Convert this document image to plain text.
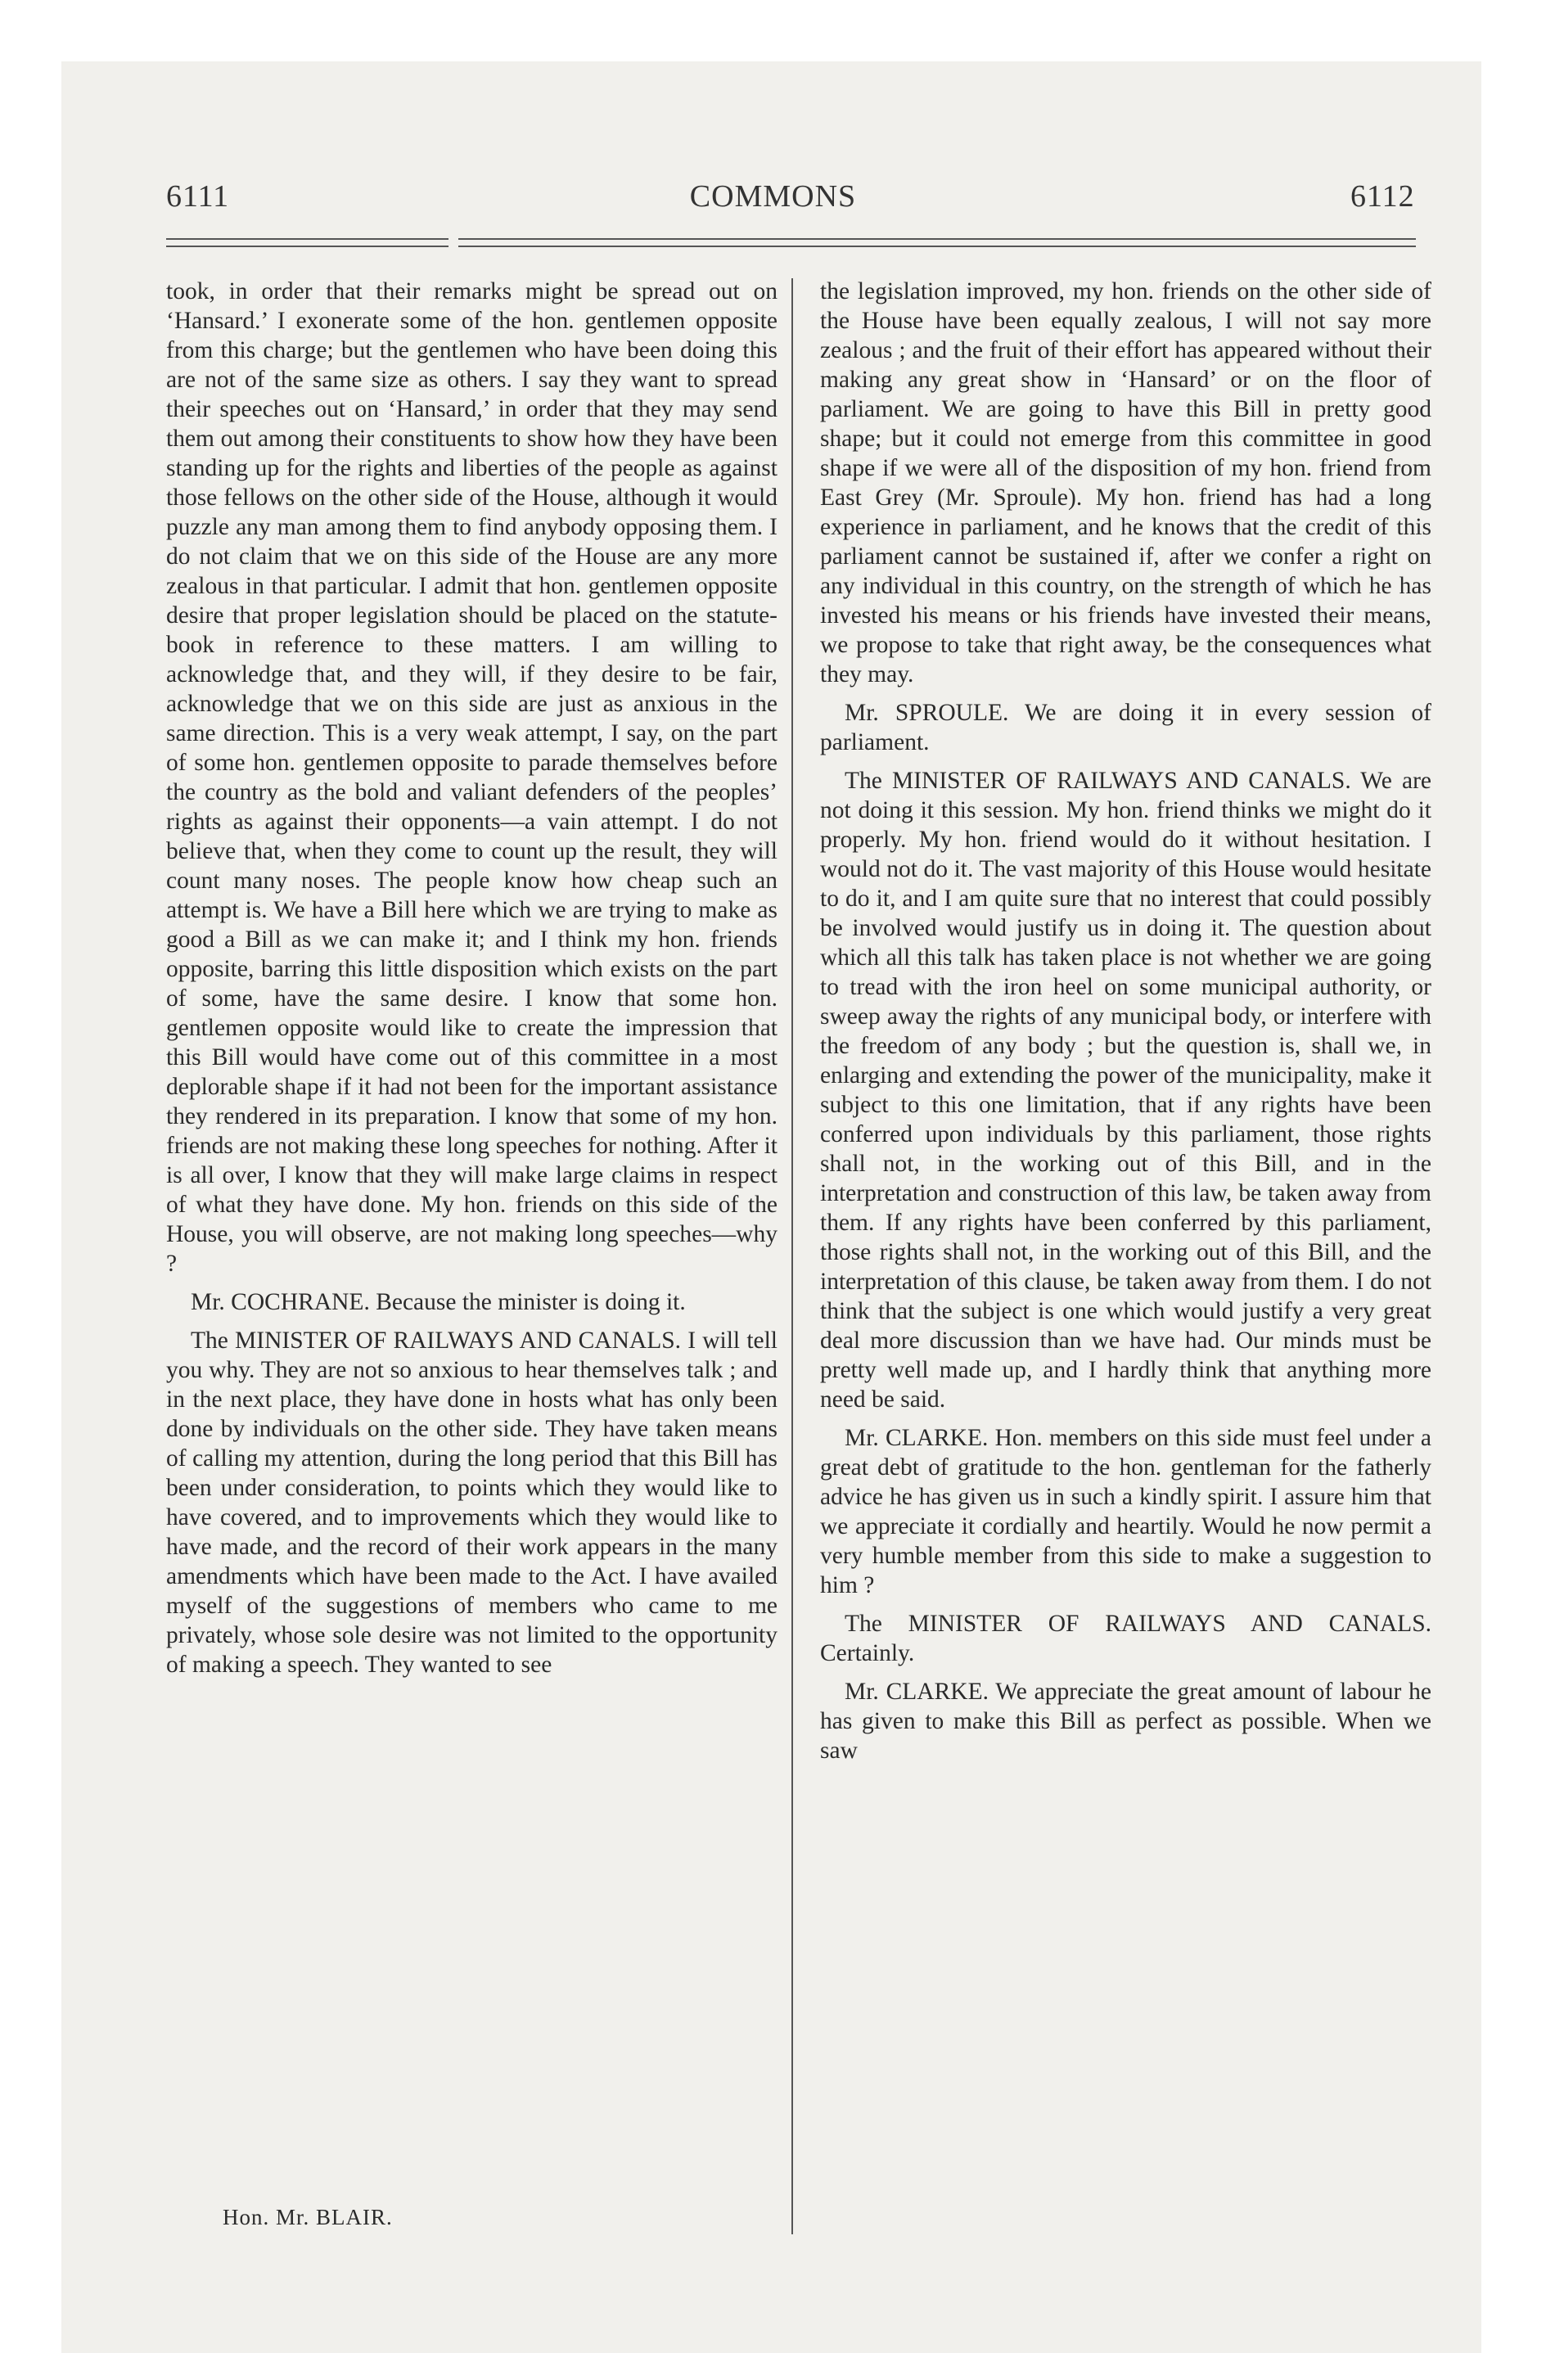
6111	COMMONS	6112

took, in order that their remarks might be spread out on ‘Hansard.’ I exonerate some of the hon. gentlemen opposite from this charge; but the gentlemen who have been doing this are not of the same size as others. I say they want to spread their speeches out on ‘Hansard,’ in order that they may send them out among their constituents to show how they have been standing up for the rights and liberties of the people as against those fellows on the other side of the House, although it would puzzle any man among them to find anybody opposing them. I do not claim that we on this side of the House are any more zealous in that particular. I admit that hon. gentlemen opposite desire that proper legislation should be placed on the statute-book in reference to these matters. I am willing to acknowledge that, and they will, if they desire to be fair, acknowledge that we on this side are just as anxious in the same direction. This is a very weak attempt, I say, on the part of some hon. gentlemen opposite to parade themselves before the country as the bold and valiant defenders of the peoples’ rights as against their opponents—a vain attempt. I do not believe that, when they come to count up the result, they will count many noses. The people know how cheap such an attempt is. We have a Bill here which we are trying to make as good a Bill as we can make it; and I think my hon. friends opposite, barring this little disposition which exists on the part of some, have the same desire. I know that some hon. gentlemen opposite would like to create the impression that this Bill would have come out of this committee in a most deplorable shape if it had not been for the important assistance they rendered in its preparation. I know that some of my hon. friends are not making these long speeches for nothing. After it is all over, I know that they will make large claims in respect of what they have done. My hon. friends on this side of the House, you will observe, are not making long speeches—why ?

Mr. COCHRANE. Because the minister is doing it.

The MINISTER OF RAILWAYS AND CANALS. I will tell you why. They are not so anxious to hear themselves talk ; and in the next place, they have done in hosts what has only been done by individuals on the other side. They have taken means of calling my attention, during the long period that this Bill has been under consideration, to points which they would like to have covered, and to improvements which they would like to have made, and the record of their work appears in the many amendments which have been made to the Act. I have availed myself of the suggestions of members who came to me privately, whose sole desire was not limited to the opportunity of making a speech. They wanted to see

the legislation improved, my hon. friends on the other side of the House have been equally zealous, I will not say more zealous ; and the fruit of their effort has appeared without their making any great show in ‘Hansard’ or on the floor of parliament. We are going to have this Bill in pretty good shape; but it could not emerge from this committee in good shape if we were all of the disposition of my hon. friend from East Grey (Mr. Sproule). My hon. friend has had a long experience in parliament, and he knows that the credit of this parliament cannot be sustained if, after we confer a right on any individual in this country, on the strength of which he has invested his means or his friends have invested their means, we propose to take that right away, be the consequences what they may.

Mr. SPROULE. We are doing it in every session of parliament.

The MINISTER OF RAILWAYS AND CANALS. We are not doing it this session. My hon. friend thinks we might do it properly. My hon. friend would do it without hesitation. I would not do it. The vast majority of this House would hesitate to do it, and I am quite sure that no interest that could possibly be involved would justify us in doing it. The question about which all this talk has taken place is not whether we are going to tread with the iron heel on some municipal authority, or sweep away the rights of any municipal body, or interfere with the freedom of any body ; but the question is, shall we, in enlarging and extending the power of the municipality, make it subject to this one limitation, that if any rights have been conferred upon individuals by this parliament, those rights shall not, in the working out of this Bill, and in the interpretation and construction of this law, be taken away from them. If any rights have been conferred by this parliament, those rights shall not, in the working out of this Bill, and the interpretation of this clause, be taken away from them. I do not think that the subject is one which would justify a very great deal more discussion than we have had. Our minds must be pretty well made up, and I hardly think that anything more need be said.

Mr. CLARKE. Hon. members on this side must feel under a great debt of gratitude to the hon. gentleman for the fatherly advice he has given us in such a kindly spirit. I assure him that we appreciate it cordially and heartily. Would he now permit a very humble member from this side to make a suggestion to him ?

The MINISTER OF RAILWAYS AND CANALS. Certainly.

Mr. CLARKE. We appreciate the great amount of labour he has given to make this Bill as perfect as possible. When we saw

Hon. Mr. BLAIR.
